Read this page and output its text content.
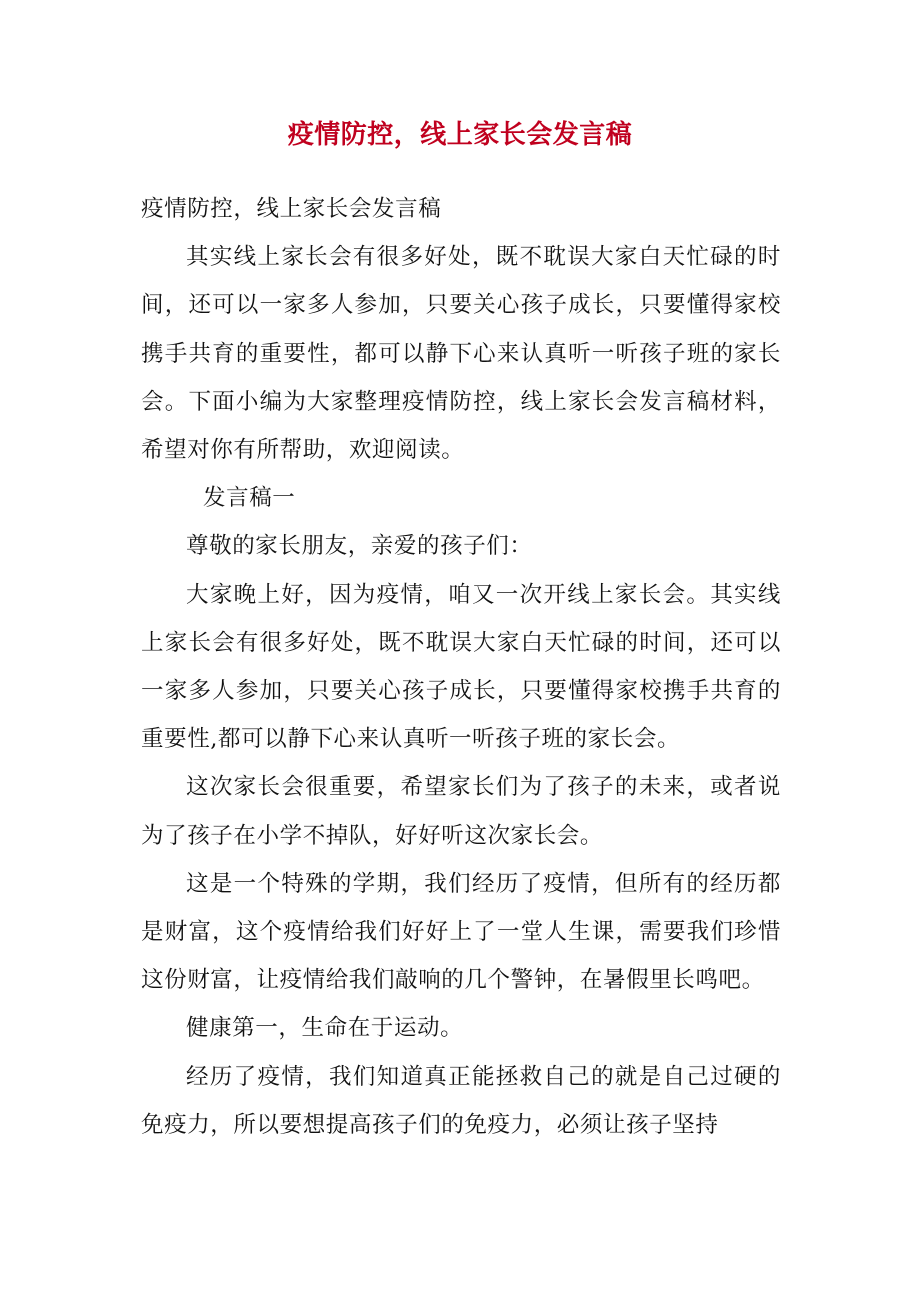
疫情防控，线上家长会发言稿

疫情防控，线上家长会发言稿

其实线上家长会有很多好处，既不耽误大家白天忙碌的时间，还可以一家多人参加，只要关心孩子成长，只要懂得家校携手共育的重要性，都可以静下心来认真听一听孩子班的家长会。下面小编为大家整理疫情防控，线上家长会发言稿材料，希望对你有所帮助，欢迎阅读。

发言稿一

尊敬的家长朋友，亲爱的孩子们：

大家晚上好，因为疫情，咱又一次开线上家长会。其实线上家长会有很多好处，既不耽误大家白天忙碌的时间，还可以一家多人参加，只要关心孩子成长，只要懂得家校携手共育的重要性,都可以静下心来认真听一听孩子班的家长会。

这次家长会很重要，希望家长们为了孩子的未来，或者说为了孩子在小学不掉队，好好听这次家长会。

这是一个特殊的学期，我们经历了疫情，但所有的经历都是财富，这个疫情给我们好好上了一堂人生课，需要我们珍惜这份财富，让疫情给我们敲响的几个警钟，在暑假里长鸣吧。

健康第一，生命在于运动。

经历了疫情，我们知道真正能拯救自己的就是自己过硬的免疫力，所以要想提高孩子们的免疫力，必须让孩子坚持
